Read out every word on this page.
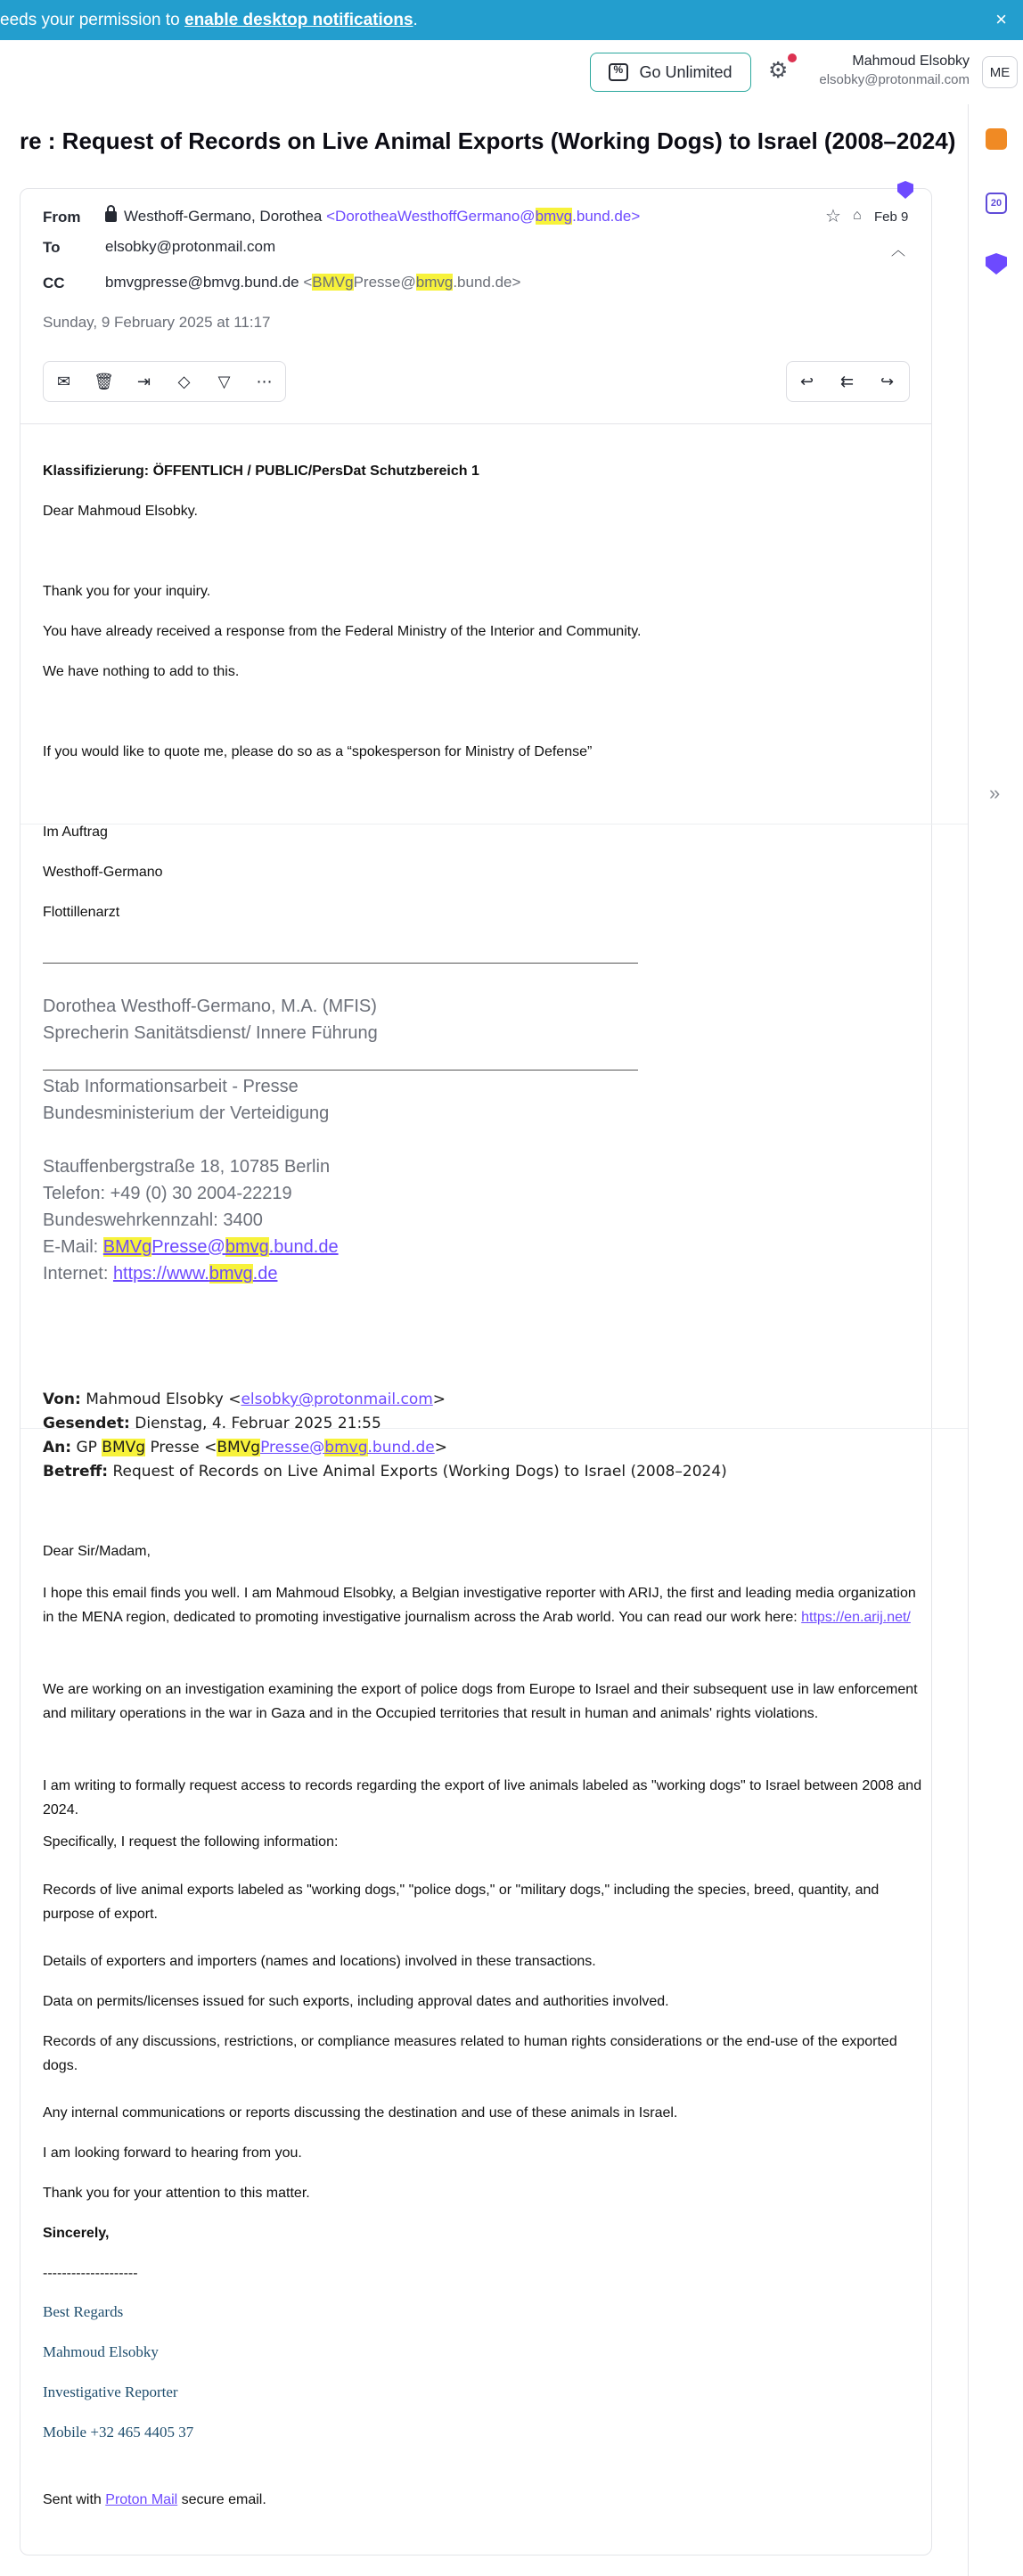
eeds your permission to enable desktop notifications.	×
%
Go Unlimited ⚙	Mahmoud Elsobky
elsobky@protonmail.com	ME
20
»
re : Request of Records on Live Animal Exports (Working Dogs) to Israel (2008–2024)
From	Westhoff-Germano, Dorothea <DorotheaWesthoffGermano@bmvg.bund.de>	☆ ⌂ Feb 9
To	elsobky@protonmail.com	︿
CC	bmvgpresse@bmvg.bund.de <BMVgPresse@bmvg.bund.de>
Sunday, 9 February 2025 at 11:17
✉	🗑	⇥	◇	▽	⋯	↩	⇇	↪
Klassifizierung: ÖFFENTLICH / PUBLIC/PersDat Schutzbereich 1
Dear Mahmoud Elsobky.
Thank you for your inquiry.
You have already received a response from the Federal Ministry of the Interior and Community.
We have nothing to add to this.
If you would like to quote me, please do so as a “spokesperson for Ministry of Defense”
Im Auftrag
Westhoff-Germano
Flottillenarzt
Dorothea Westhoff-Germano, M.A. (MFIS)
Sprecherin Sanitätsdienst/ Innere Führung
Stab Informationsarbeit - Presse
Bundesministerium der Verteidigung
Stauffenbergstraße 18, 10785 Berlin
Telefon: +49 (0) 30 2004-22219
Bundeswehrkennzahl: 3400
E-Mail: BMVgPresse@bmvg.bund.de
Internet: https://www.bmvg.de
Von: Mahmoud Elsobky <elsobky@protonmail.com>
Gesendet: Dienstag, 4. Februar 2025 21:55
An: GP BMVg Presse <BMVgPresse@bmvg.bund.de>
Betreff: Request of Records on Live Animal Exports (Working Dogs) to Israel (2008–2024)
Dear Sir/Madam,
I hope this email finds you well. I am Mahmoud Elsobky, a Belgian investigative reporter with ARIJ, the first and leading media organization in the MENA region, dedicated to promoting investigative journalism across the Arab world. You can read our work here: https://en.arij.net/
We are working on an investigation examining the export of police dogs from Europe to Israel and their subsequent use in law enforcement and military operations in the war in Gaza and in the Occupied territories that result in human and animals' rights violations.
I am writing to formally request access to records regarding the export of live animals labeled as "working dogs" to Israel between 2008 and 2024.
Specifically, I request the following information:
Records of live animal exports labeled as "working dogs," "police dogs," or "military dogs," including the species, breed, quantity, and purpose of export.
Details of exporters and importers (names and locations) involved in these transactions.
Data on permits/licenses issued for such exports, including approval dates and authorities involved.
Records of any discussions, restrictions, or compliance measures related to human rights considerations or the end-use of the exported dogs.
Any internal communications or reports discussing the destination and use of these animals in Israel.
I am looking forward to hearing from you.
Thank you for your attention to this matter.
Sincerely,
--------------------
Best Regards
Mahmoud Elsobky
Investigative Reporter
Mobile +32 465 4405 37
Sent with Proton Mail secure email.
